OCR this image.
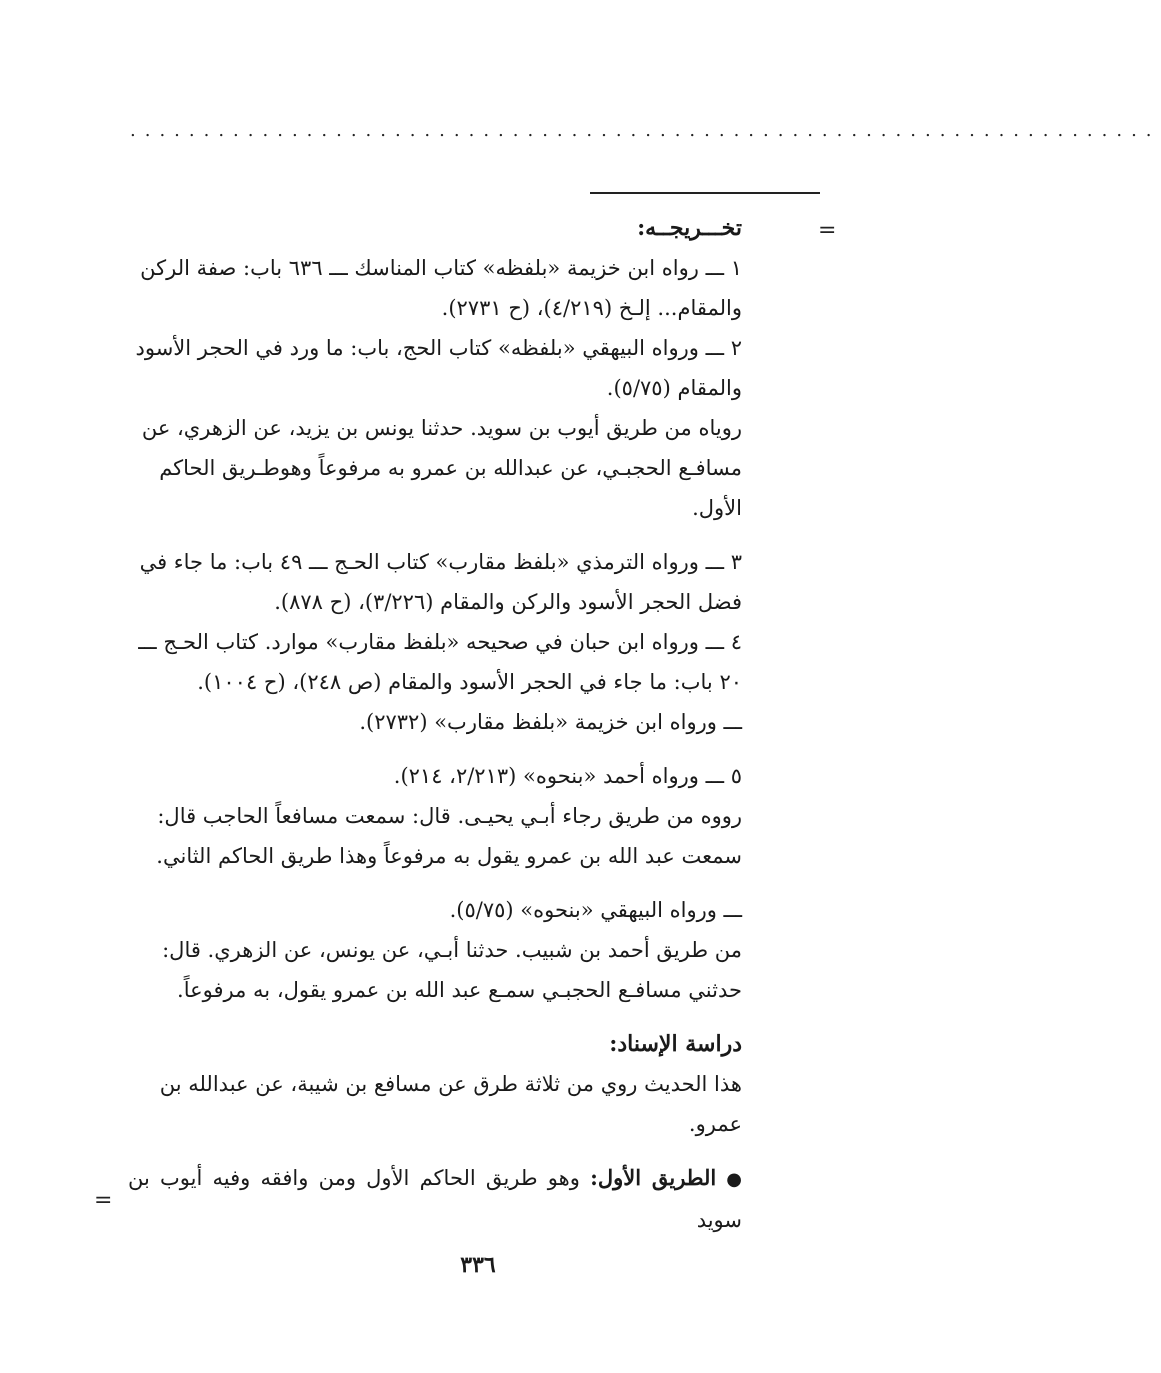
......................................................................
=

تخـــريجــه:

١ ـــ رواه ابن خزيمة «بلفظه» كتاب المناسك ـــ ٦٣٦ باب: صفة الركن

والمقام... إلـخ (٤/٢١٩)، (ح ٢٧٣١).

٢ ـــ ورواه البيهقي «بلفظه» كتاب الحج، باب: ما ورد في الحجر الأسود

والمقام (٥/٧٥).

روياه من طريق أيوب بن سويد. حدثنا يونس بن يزيد، عن الزهري، عن

مسافـع الحجبـي، عن عبدالله بن عمرو به مرفوعاً وهوطـريق الحاكم

الأول.

٣ ـــ ورواه الترمذي «بلفظ مقارب» كتاب الحـج ـــ ٤٩ باب: ما جاء في

فضل الحجر الأسود والركن والمقام (٣/٢٢٦)، (ح ٨٧٨).

٤ ـــ ورواه ابن حبان في صحيحه «بلفظ مقارب» موارد. كتاب الحـج ـــ

٢٠ باب: ما جاء في الحجر الأسود والمقام (ص ٢٤٨)، (ح ١٠٠٤).

ـــ ورواه ابن خزيمة «بلفظ مقارب» (٢٧٣٢).

٥ ـــ ورواه أحمد «بنحوه» (٢/٢١٣، ٢١٤).

رووه من طريق رجاء أبـي يحيـى. قال: سمعت مسافعاً الحاجب قال:

سمعت عبد الله بن عمرو يقول به مرفوعاً وهذا طريق الحاكم الثاني.

ـــ ورواه البيهقي «بنحوه» (٥/٧٥).

من طريق أحمد بن شبيب. حدثنا أبـي، عن يونس، عن الزهري. قال:

حدثني مسافـع الحجبـي سمـع عبد الله بن عمرو يقول، به مرفوعاً.

دراسة الإسناد:

هذا الحديث روي من ثلاثة طرق عن مسافع بن شيبة، عن عبدالله بن

عمرو.

●الطريق الأول: وهو طريق الحاكم الأول ومن وافقه وفيه أيوب بن سويد

=
٣٣٦
